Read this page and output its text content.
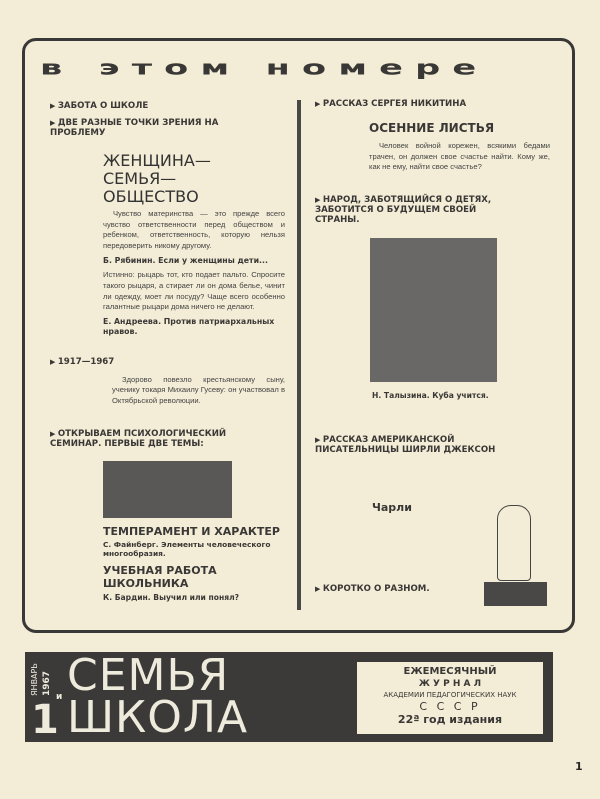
в этом номере
▶ ЗАБОТА О ШКОЛЕ
▶ ДВЕ РАЗНЫЕ ТОЧКИ ЗРЕНИЯ НА ПРОБЛЕМУ
ЖЕНЩИНА—СЕМЬЯ—ОБЩЕСТВО
Чувство материнства — это прежде всего чувство ответственности перед обществом и ребенком, ответственность, которую нельзя передоверить никому другому.
Б. Рябинин. Если у женщины дети...
Истинно: рыцарь тот, кто подает пальто. Спросите такого рыцаря, а стирает ли он дома белье, чинит ли одежду, моет ли посуду? Чаще всего особенно галантные рыцари дома ничего не делают.
Е. Андреева. Против патриархальных нравов.
▶ 1917—1967
Здорово повезло крестьянскому сыну, ученику токаря Михаилу Гусеву: он участвовал в Октябрьской революции.
▶ ОТКРЫВАЕМ ПСИХОЛОГИЧЕСКИЙ СЕМИНАР. ПЕРВЫЕ ДВЕ ТЕМЫ:
ТЕМПЕРАМЕНТ И ХАРАКТЕР
С. Файнберг. Элементы человеческого многообразия.
УЧЕБНАЯ РАБОТА ШКОЛЬНИКА
К. Бардин. Выучил или понял?
▶ РАССКАЗ СЕРГЕЯ НИКИТИНА
ОСЕННИЕ ЛИСТЬЯ
Человек войной корежен, всякими бедами трачен, он должен свое счастье найти. Кому же, как не ему, найти свое счастье?
▶ НАРОД, ЗАБОТЯЩИЙСЯ О ДЕТЯХ, ЗАБОТИТСЯ О БУДУЩЕМ СВОЕЙ СТРАНЫ.
Н. Талызина. Куба учится.
▶ РАССКАЗ АМЕРИКАНСКОЙ ПИСАТЕЛЬНИЦЫ ШИРЛИ ДЖЕКСОН
Чарли
▶ КОРОТКО О РАЗНОМ.
1
ЯНВАРЬ 1967
и СЕМЬЯ
ШКОЛА
ЕЖЕМЕСЯЧНЫЙ
Ж У Р Н А Л
АКАДЕМИИ ПЕДАГОГИЧЕСКИХ НАУК
С С С Р
22ª год издания
1
